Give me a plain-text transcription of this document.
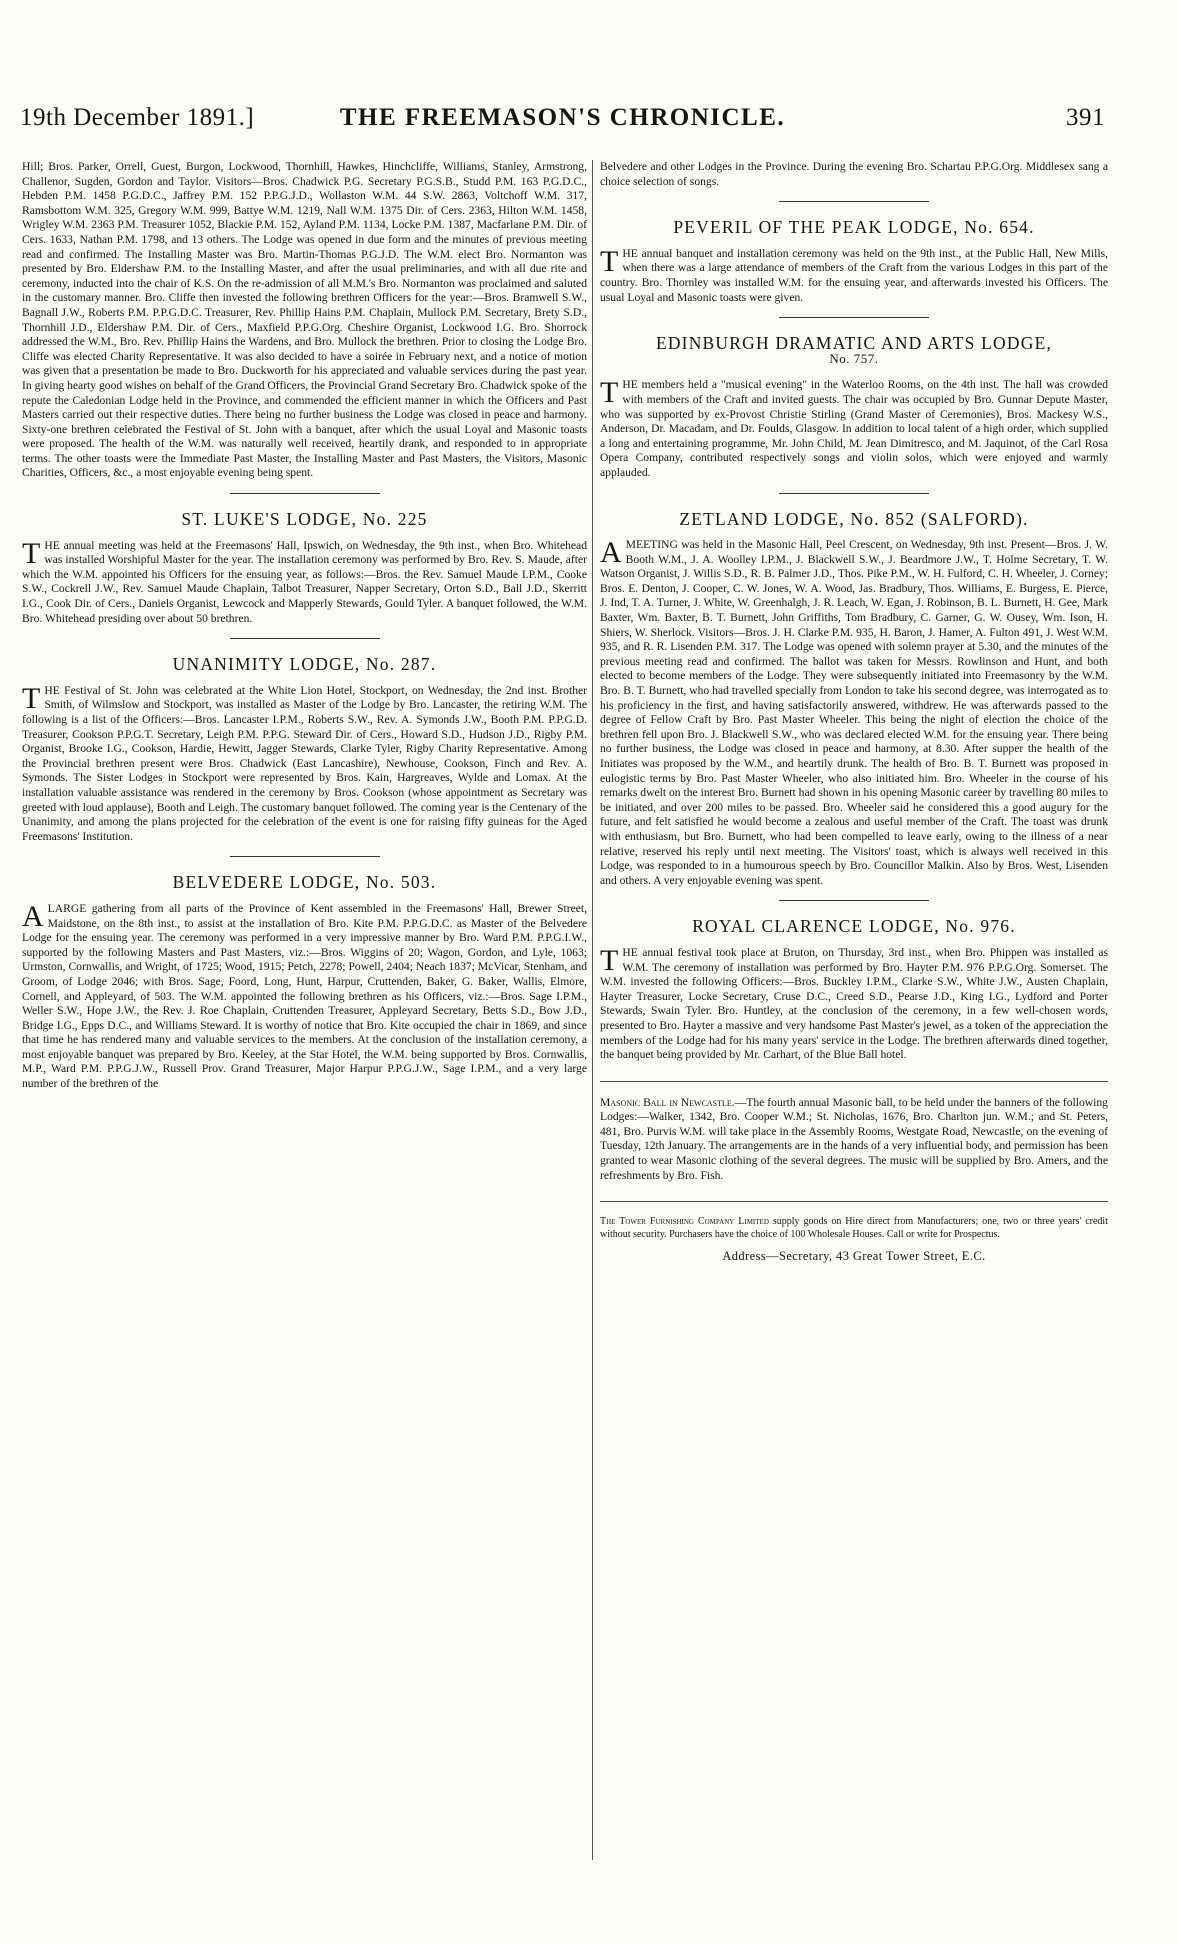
19th December 1891.]	THE FREEMASON'S CHRONICLE.	391

Hill; Bros. Parker, Orrell, Guest, Burgon, Lockwood, Thornhill, Hawkes, Hinchcliffe, Williams, Stanley, Armstrong, Challenor, Sugden, Gordon and Taylor. Visitors—Bros. Chadwick P.G. Secretary P.G.S.B., Studd P.M. 163 P.G.D.C., Hebden P.M. 1458 P.G.D.C., Jaffrey P.M. 152 P.P.G.J.D., Wollaston W.M. 44 S.W. 2863, Voltchoff W.M. 317, Ramsbottom W.M. 325, Gregory W.M. 999, Battye W.M. 1219, Nall W.M. 1375 Dir. of Cers. 2363, Hilton W.M. 1458, Wrigley W.M. 2363 P.M. Treasurer 1052, Blackie P.M. 152, Ayland P.M. 1134, Locke P.M. 1387, Macfarlane P.M. Dir. of Cers. 1633, Nathan P.M. 1798, and 13 others. The Lodge was opened in due form and the minutes of previous meeting read and confirmed. The Installing Master was Bro. Martin-Thomas P.G.J.D. The W.M. elect Bro. Normanton was presented by Bro. Eldershaw P.M. to the Installing Master, and after the usual preliminaries, and with all due rite and ceremony, inducted into the chair of K.S. On the re-admission of all M.M.'s Bro. Normanton was proclaimed and saluted in the customary manner. Bro. Cliffe then invested the following brethren Officers for the year:—Bros. Bramwell S.W., Bagnall J.W., Roberts P.M. P.P.G.D.C. Treasurer, Rev. Phillip Hains P.M. Chaplain, Mullock P.M. Secretary, Brety S.D., Thornhill J.D., Eldershaw P.M. Dir. of Cers., Maxfield P.P.G.Org. Cheshire Organist, Lockwood I.G. Bro. Shorrock addressed the W.M., Bro. Rev. Phillip Hains the Wardens, and Bro. Mullock the brethren. Prior to closing the Lodge Bro. Cliffe was elected Charity Representative. It was also decided to have a soirée in February next, and a notice of motion was given that a presentation be made to Bro. Duckworth for his appreciated and valuable services during the past year. In giving hearty good wishes on behalf of the Grand Officers, the Provincial Grand Secretary Bro. Chadwick spoke of the repute the Caledonian Lodge held in the Province, and commended the efficient manner in which the Officers and Past Masters carried out their respective duties. There being no further business the Lodge was closed in peace and harmony. Sixty-one brethren celebrated the Festival of St. John with a banquet, after which the usual Loyal and Masonic toasts were proposed. The health of the W.M. was naturally well received, heartily drank, and responded to in appropriate terms. The other toasts were the Immediate Past Master, the Installing Master and Past Masters, the Visitors, Masonic Charities, Officers, &c., a most enjoyable evening being spent.

ST. LUKE'S LODGE, No. 225

THE annual meeting was held at the Freemasons' Hall, Ipswich, on Wednesday, the 9th inst., when Bro. Whitehead was installed Worshipful Master for the year. The installation ceremony was performed by Bro. Rev. S. Maude, after which the W.M. appointed his Officers for the ensuing year, as follows:—Bros. the Rev. Samuel Maude I.P.M., Cooke S.W., Cockrell J.W., Rev. Samuel Maude Chaplain, Talbot Treasurer, Napper Secretary, Orton S.D., Ball J.D., Skerritt I.G., Cook Dir. of Cers., Daniels Organist, Lewcock and Mapperly Stewards, Gould Tyler. A banquet followed, the W.M. Bro. Whitehead presiding over about 50 brethren.

UNANIMITY LODGE, No. 287.

THE Festival of St. John was celebrated at the White Lion Hotel, Stockport, on Wednesday, the 2nd inst. Brother Smith, of Wilmslow and Stockport, was installed as Master of the Lodge by Bro. Lancaster, the retiring W.M. The following is a list of the Officers:—Bros. Lancaster I.P.M., Roberts S.W., Rev. A. Symonds J.W., Booth P.M. P.P.G.D. Treasurer, Cookson P.P.G.T. Secretary, Leigh P.M. P.P.G. Steward Dir. of Cers., Howard S.D., Hudson J.D., Rigby P.M. Organist, Brooke I.G., Cookson, Hardie, Hewitt, Jagger Stewards, Clarke Tyler, Rigby Charity Representative. Among the Provincial brethren present were Bros. Chadwick (East Lancashire), Newhouse, Cookson, Finch and Rev. A. Symonds. The Sister Lodges in Stockport were represented by Bros. Kain, Hargreaves, Wylde and Lomax. At the installation valuable assistance was rendered in the ceremony by Bros. Cookson (whose appointment as Secretary was greeted with loud applause), Booth and Leigh. The customary banquet followed. The coming year is the Centenary of the Unanimity, and among the plans projected for the celebration of the event is one for raising fifty guineas for the Aged Freemasons' Institution.

BELVEDERE LODGE, No. 503.

ALARGE gathering from all parts of the Province of Kent assembled in the Freemasons' Hall, Brewer Street, Maidstone, on the 8th inst., to assist at the installation of Bro. Kite P.M. P.P.G.D.C. as Master of the Belvedere Lodge for the ensuing year. The ceremony was performed in a very impressive manner by Bro. Ward P.M. P.P.G.I.W., supported by the following Masters and Past Masters, viz.:—Bros. Wiggins of 20; Wagon, Gordon, and Lyle, 1063; Urmston, Cornwallis, and Wright, of 1725; Wood, 1915; Petch, 2278; Powell, 2404; Neach 1837; McVicar, Stenham, and Groom, of Lodge 2046; with Bros. Sage, Foord, Long, Hunt, Harpur, Cruttenden, Baker, G. Baker, Wallis, Elmore, Cornell, and Appleyard, of 503. The W.M. appointed the following brethren as his Officers, viz.:—Bros. Sage I.P.M., Weller S.W., Hope J.W., the Rev. J. Roe Chaplain, Cruttenden Treasurer, Appleyard Secretary, Betts S.D., Bow J.D., Bridge I.G., Epps D.C., and Williams Steward. It is worthy of notice that Bro. Kite occupied the chair in 1869, and since that time he has rendered many and valuable services to the members. At the conclusion of the installation ceremony, a most enjoyable banquet was prepared by Bro. Keeley, at the Star Hotel, the W.M. being supported by Bros. Cornwallis, M.P., Ward P.M. P.P.G.J.W., Russell Prov. Grand Treasurer, Major Harpur P.P.G.J.W., Sage I.P.M., and a very large number of the brethren of the

Belvedere and other Lodges in the Province. During the evening Bro. Schartau P.P.G.Org. Middlesex sang a choice selection of songs.

PEVERIL OF THE PEAK LODGE, No. 654.

THE annual banquet and installation ceremony was held on the 9th inst., at the Public Hall, New Mills, when there was a large attendance of members of the Craft from the various Lodges in this part of the country. Bro. Thornley was installed W.M. for the ensuing year, and afterwards invested his Officers. The usual Loyal and Masonic toasts were given.

EDINBURGH DRAMATIC AND ARTS LODGE,
No. 757.

THE members held a "musical evening" in the Waterloo Rooms, on the 4th inst. The hall was crowded with members of the Craft and invited guests. The chair was occupied by Bro. Gunnar Depute Master, who was supported by ex-Provost Christie Stirling (Grand Master of Ceremonies), Bros. Mackesy W.S., Anderson, Dr. Macadam, and Dr. Foulds, Glasgow. In addition to local talent of a high order, which supplied a long and entertaining programme, Mr. John Child, M. Jean Dimitresco, and M. Jaquinot, of the Carl Rosa Opera Company, contributed respectively songs and violin solos, which were enjoyed and warmly applauded.

ZETLAND LODGE, No. 852 (SALFORD).

AMEETING was held in the Masonic Hall, Peel Crescent, on Wednesday, 9th inst. Present—Bros. J. W. Booth W.M., J. A. Woolley I.P.M., J. Blackwell S.W., J. Beardmore J.W., T. Holme Secretary, T. W. Watson Organist, J. Willis S.D., R. B. Palmer J.D., Thos. Pike P.M., W. H. Fulford, C. H. Wheeler, J. Corney; Bros. E. Denton, J. Cooper, C. W. Jones, W. A. Wood, Jas. Bradbury, Thos. Williams, E. Burgess, E. Pierce, J. Ind, T. A. Turner, J. White, W. Greenhalgh, J. R. Leach, W. Egan, J. Robinson, B. L. Burnett, H. Gee, Mark Baxter, Wm. Baxter, B. T. Burnett, John Griffiths, Tom Bradbury, C. Garner, G. W. Ousey, Wm. Ison, H. Shiers, W. Sherlock. Visitors—Bros. J. H. Clarke P.M. 935, H. Baron, J. Hamer, A. Fulton 491, J. West W.M. 935, and R. R. Lisenden P.M. 317. The Lodge was opened with solemn prayer at 5.30, and the minutes of the previous meeting read and confirmed. The ballot was taken for Messrs. Rowlinson and Hunt, and both elected to become members of the Lodge. They were subsequently initiated into Freemasonry by the W.M. Bro. B. T. Burnett, who had travelled specially from London to take his second degree, was interrogated as to his proficiency in the first, and having satisfactorily answered, withdrew. He was afterwards passed to the degree of Fellow Craft by Bro. Past Master Wheeler. This being the night of election the choice of the brethren fell upon Bro. J. Blackwell S.W., who was declared elected W.M. for the ensuing year. There being no further business, the Lodge was closed in peace and harmony, at 8.30. After supper the health of the Initiates was proposed by the W.M., and heartily drunk. The health of Bro. B. T. Burnett was proposed in eulogistic terms by Bro. Past Master Wheeler, who also initiated him. Bro. Wheeler in the course of his remarks dwelt on the interest Bro. Burnett had shown in his opening Masonic career by travelling 80 miles to be initiated, and over 200 miles to be passed. Bro. Wheeler said he considered this a good augury for the future, and felt satisfied he would become a zealous and useful member of the Craft. The toast was drunk with enthusiasm, but Bro. Burnett, who had been compelled to leave early, owing to the illness of a near relative, reserved his reply until next meeting. The Visitors' toast, which is always well received in this Lodge, was responded to in a humourous speech by Bro. Councillor Malkin. Also by Bros. West, Lisenden and others. A very enjoyable evening was spent.

ROYAL CLARENCE LODGE, No. 976.

THE annual festival took place at Bruton, on Thursday, 3rd inst., when Bro. Phippen was installed as W.M. The ceremony of installation was performed by Bro. Hayter P.M. 976 P.P.G.Org. Somerset. The W.M. invested the following Officers:—Bros. Buckley I.P.M., Clarke S.W., White J.W., Austen Chaplain, Hayter Treasurer, Locke Secretary, Cruse D.C., Creed S.D., Pearse J.D., King I.G., Lydford and Porter Stewards, Swain Tyler. Bro. Huntley, at the conclusion of the ceremony, in a few well-chosen words, presented to Bro. Hayter a massive and very handsome Past Master's jewel, as a token of the appreciation the members of the Lodge had for his many years' service in the Lodge. The brethren afterwards dined together, the banquet being provided by Mr. Carhart, of the Blue Ball hotel.

Masonic Ball in Newcastle.—The fourth annual Masonic ball, to be held under the banners of the following Lodges:—Walker, 1342, Bro. Cooper W.M.; St. Nicholas, 1676, Bro. Charlton jun. W.M.; and St. Peters, 481, Bro. Purvis W.M. will take place in the Assembly Rooms, Westgate Road, Newcastle, on the evening of Tuesday, 12th January. The arrangements are in the hands of a very influential body, and permission has been granted to wear Masonic clothing of the several degrees. The music will be supplied by Bro. Amers, and the refreshments by Bro. Fish.

The Tower Furnishing Company Limited supply goods on Hire direct from Manufacturers; one, two or three years' credit without security. Purchasers have the choice of 100 Wholesale Houses. Call or write for Prospectus.

Address—Secretary, 43 Great Tower Street, E.C.
